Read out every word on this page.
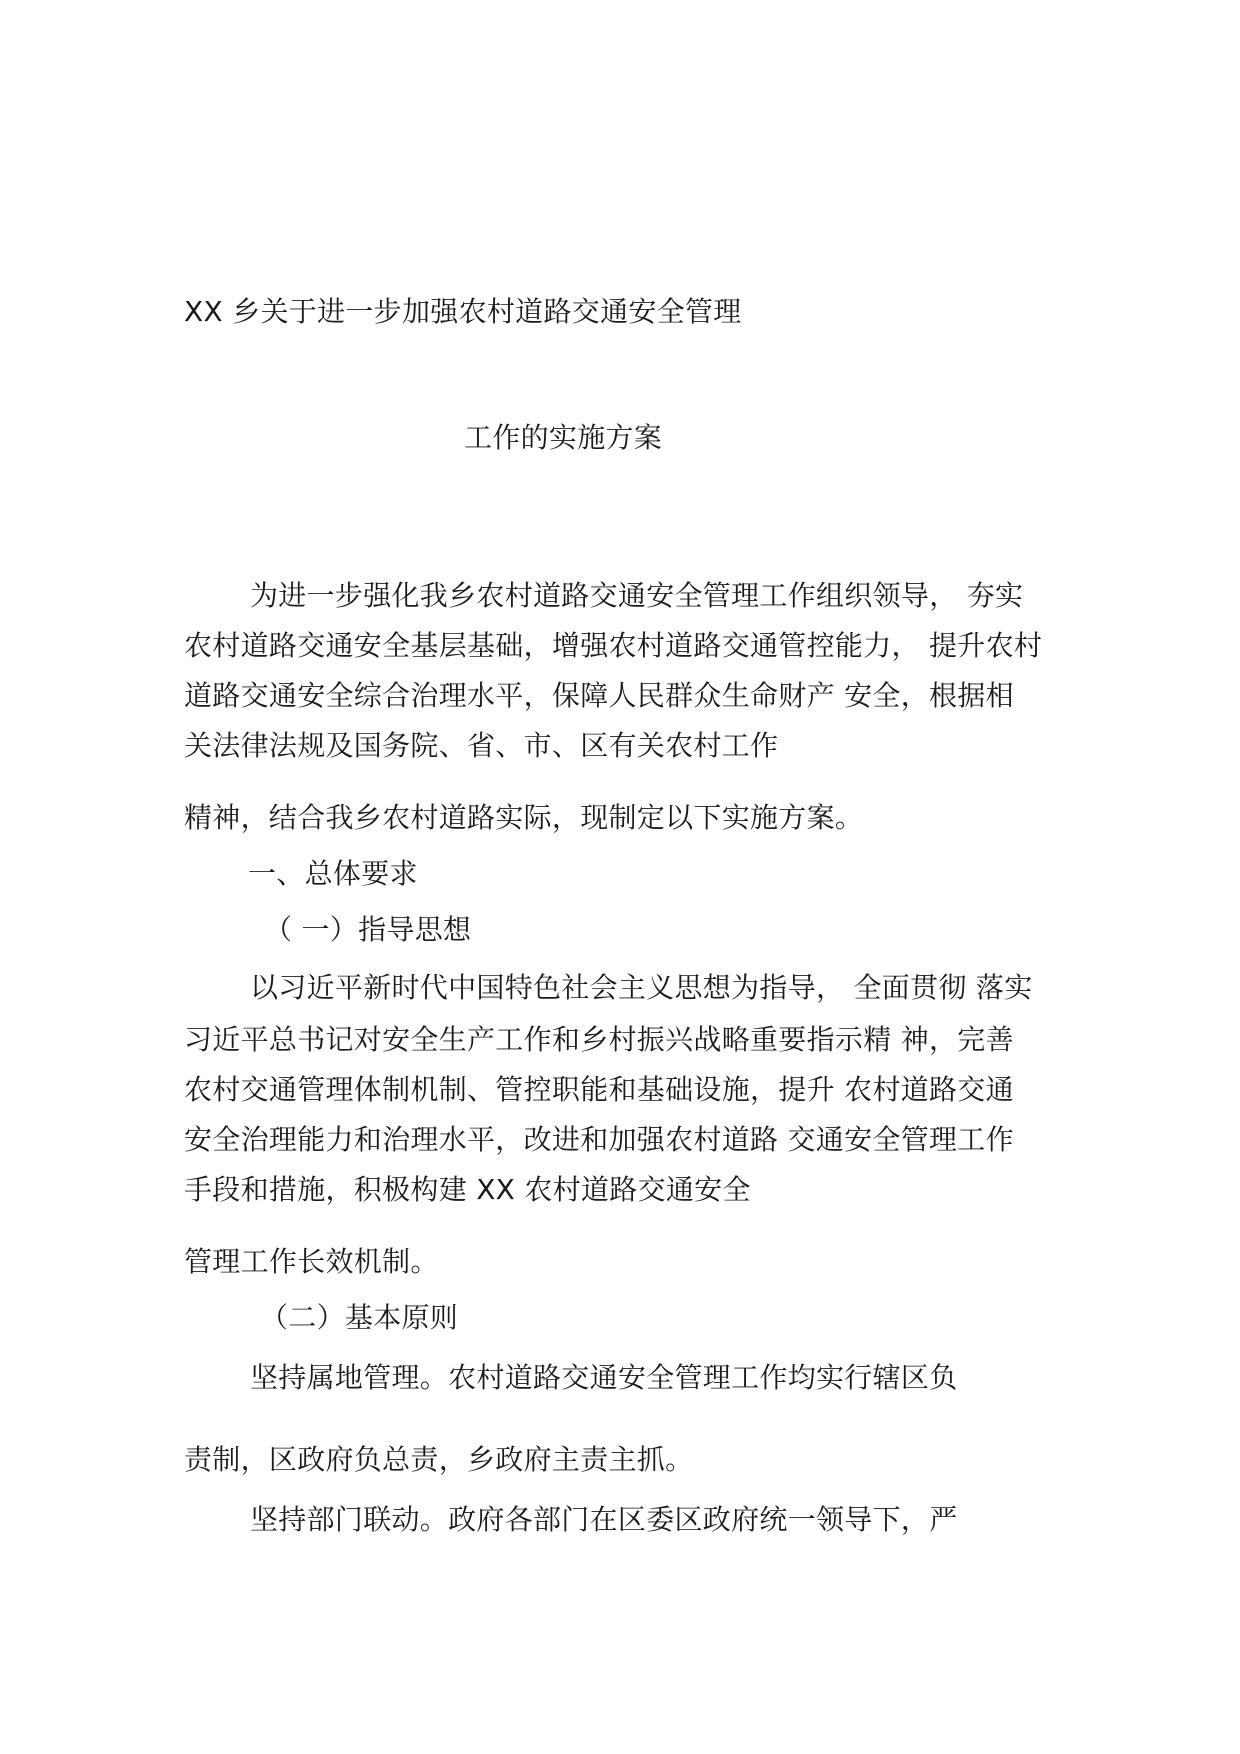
XX 乡关于进一步加强农村道路交通安全管理
工作的实施方案
为进一步强化我乡农村道路交通安全管理工作组织领导， 夯实
农村道路交通安全基层基础，增强农村道路交通管控能力， 提升农村
道路交通安全综合治理水平，保障人民群众生命财产 安全，根据相
关法律法规及国务院、省、市、区有关农村工作
精神，结合我乡农村道路实际，现制定以下实施方案。
一、总体要求
（ 一）指导思想
以习近平新时代中国特色社会主义思想为指导， 全面贯彻 落实
习近平总书记对安全生产工作和乡村振兴战略重要指示精 神，完善
农村交通管理体制机制、管控职能和基础设施，提升 农村道路交通
安全治理能力和治理水平，改进和加强农村道路 交通安全管理工作
手段和措施，积极构建 XX 农村道路交通安全
管理工作长效机制。
（二）基本原则
坚持属地管理。农村道路交通安全管理工作均实行辖区负
责制，区政府负总责，乡政府主责主抓。
坚持部门联动。政府各部门在区委区政府统一领导下，严
